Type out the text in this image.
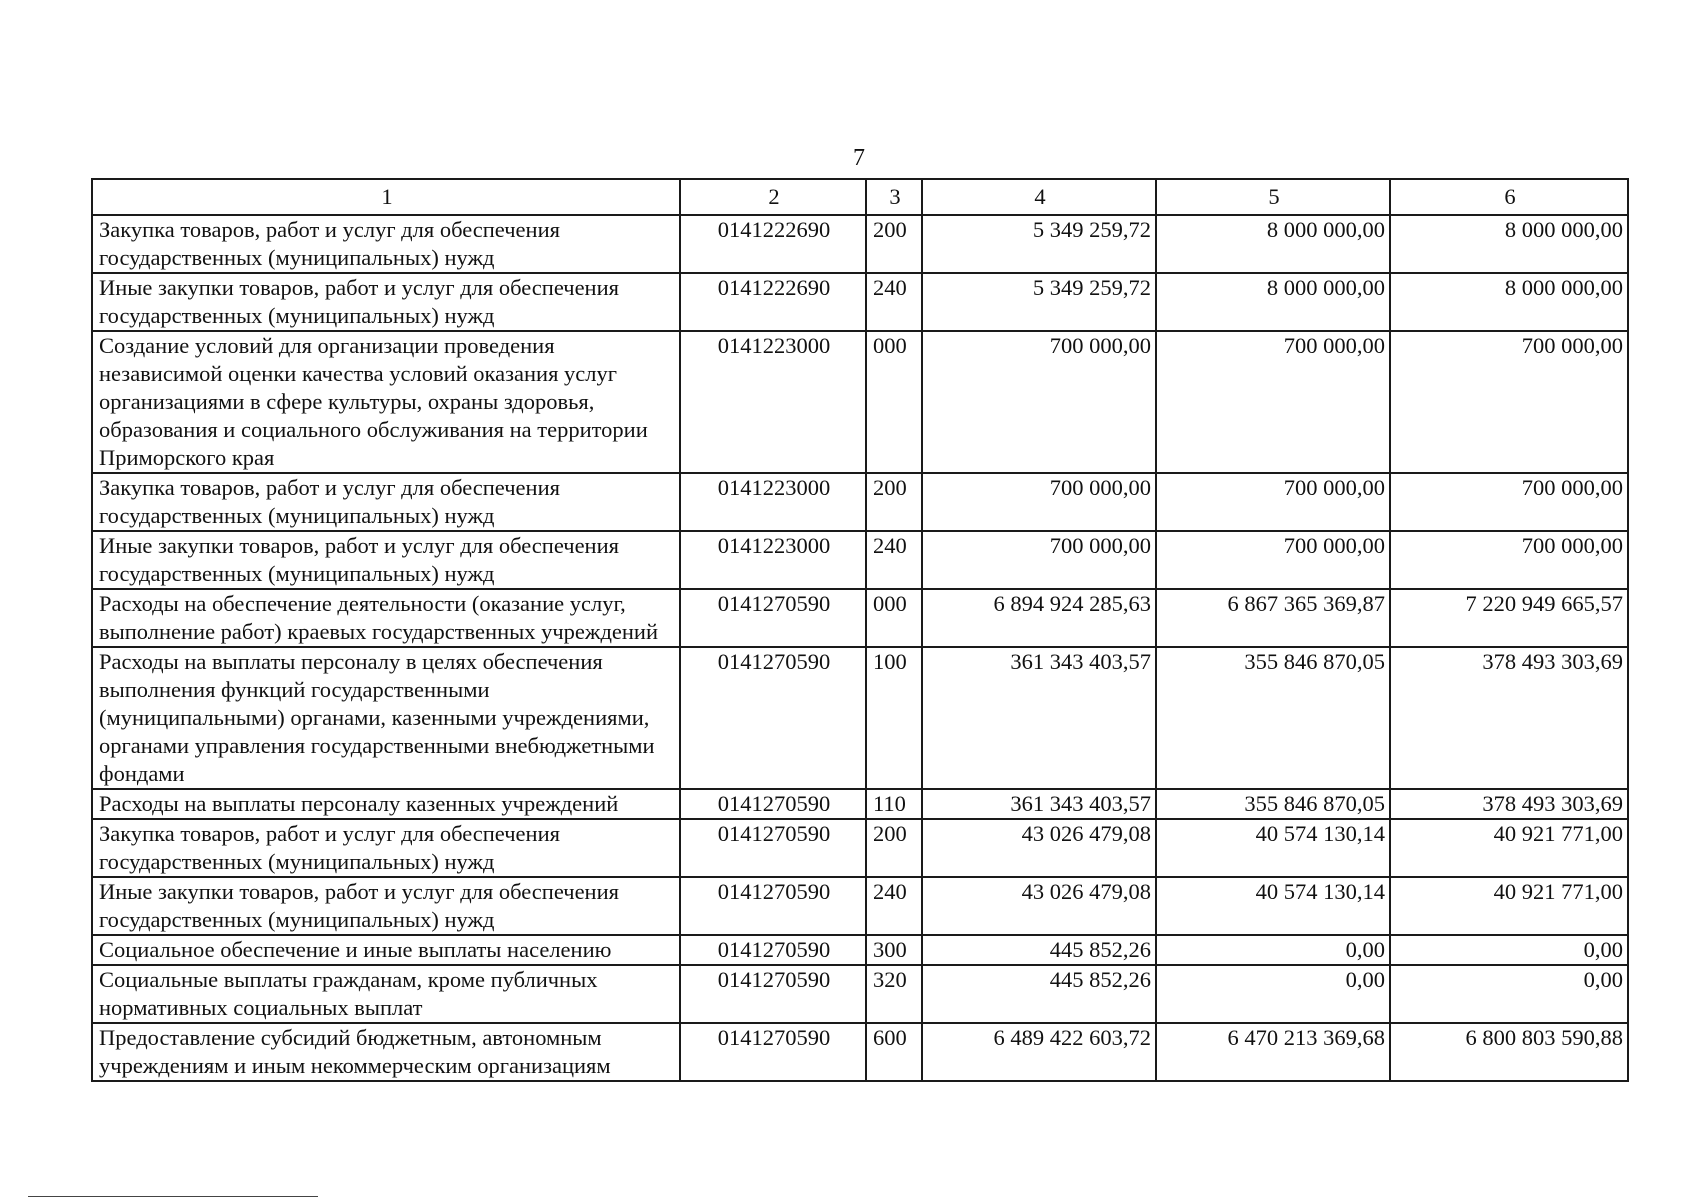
7
1	2	3	4	5	6
Закупка товаров, работ и услуг для обеспечения государственных (муниципальных) нужд	0141222690	200	5 349 259,72	8 000 000,00	8 000 000,00
Иные закупки товаров, работ и услуг для обеспечения государственных (муниципальных) нужд	0141222690	240	5 349 259,72	8 000 000,00	8 000 000,00
Создание условий для организации проведения независимой оценки качества условий оказания услуг организациями в сфере культуры, охраны здоровья, образования и социального обслуживания на территории Приморского края	0141223000	000	700 000,00	700 000,00	700 000,00
Закупка товаров, работ и услуг для обеспечения государственных (муниципальных) нужд	0141223000	200	700 000,00	700 000,00	700 000,00
Иные закупки товаров, работ и услуг для обеспечения государственных (муниципальных) нужд	0141223000	240	700 000,00	700 000,00	700 000,00
Расходы на обеспечение деятельности (оказание услуг, выполнение работ) краевых государственных учреждений	0141270590	000	6 894 924 285,63	6 867 365 369,87	7 220 949 665,57
Расходы на выплаты персоналу в целях обеспечения выполнения функций государственными (муниципальными) органами, казенными учреждениями, органами управления государственными внебюджетными фондами	0141270590	100	361 343 403,57	355 846 870,05	378 493 303,69
Расходы на выплаты персоналу казенных учреждений	0141270590	110	361 343 403,57	355 846 870,05	378 493 303,69
Закупка товаров, работ и услуг для обеспечения государственных (муниципальных) нужд	0141270590	200	43 026 479,08	40 574 130,14	40 921 771,00
Иные закупки товаров, работ и услуг для обеспечения государственных (муниципальных) нужд	0141270590	240	43 026 479,08	40 574 130,14	40 921 771,00
Социальное обеспечение и иные выплаты населению	0141270590	300	445 852,26	0,00	0,00
Социальные выплаты гражданам, кроме публичных нормативных социальных выплат	0141270590	320	445 852,26	0,00	0,00
Предоставление субсидий бюджетным, автономным учреждениям и иным некоммерческим организациям	0141270590	600	6 489 422 603,72	6 470 213 369,68	6 800 803 590,88
